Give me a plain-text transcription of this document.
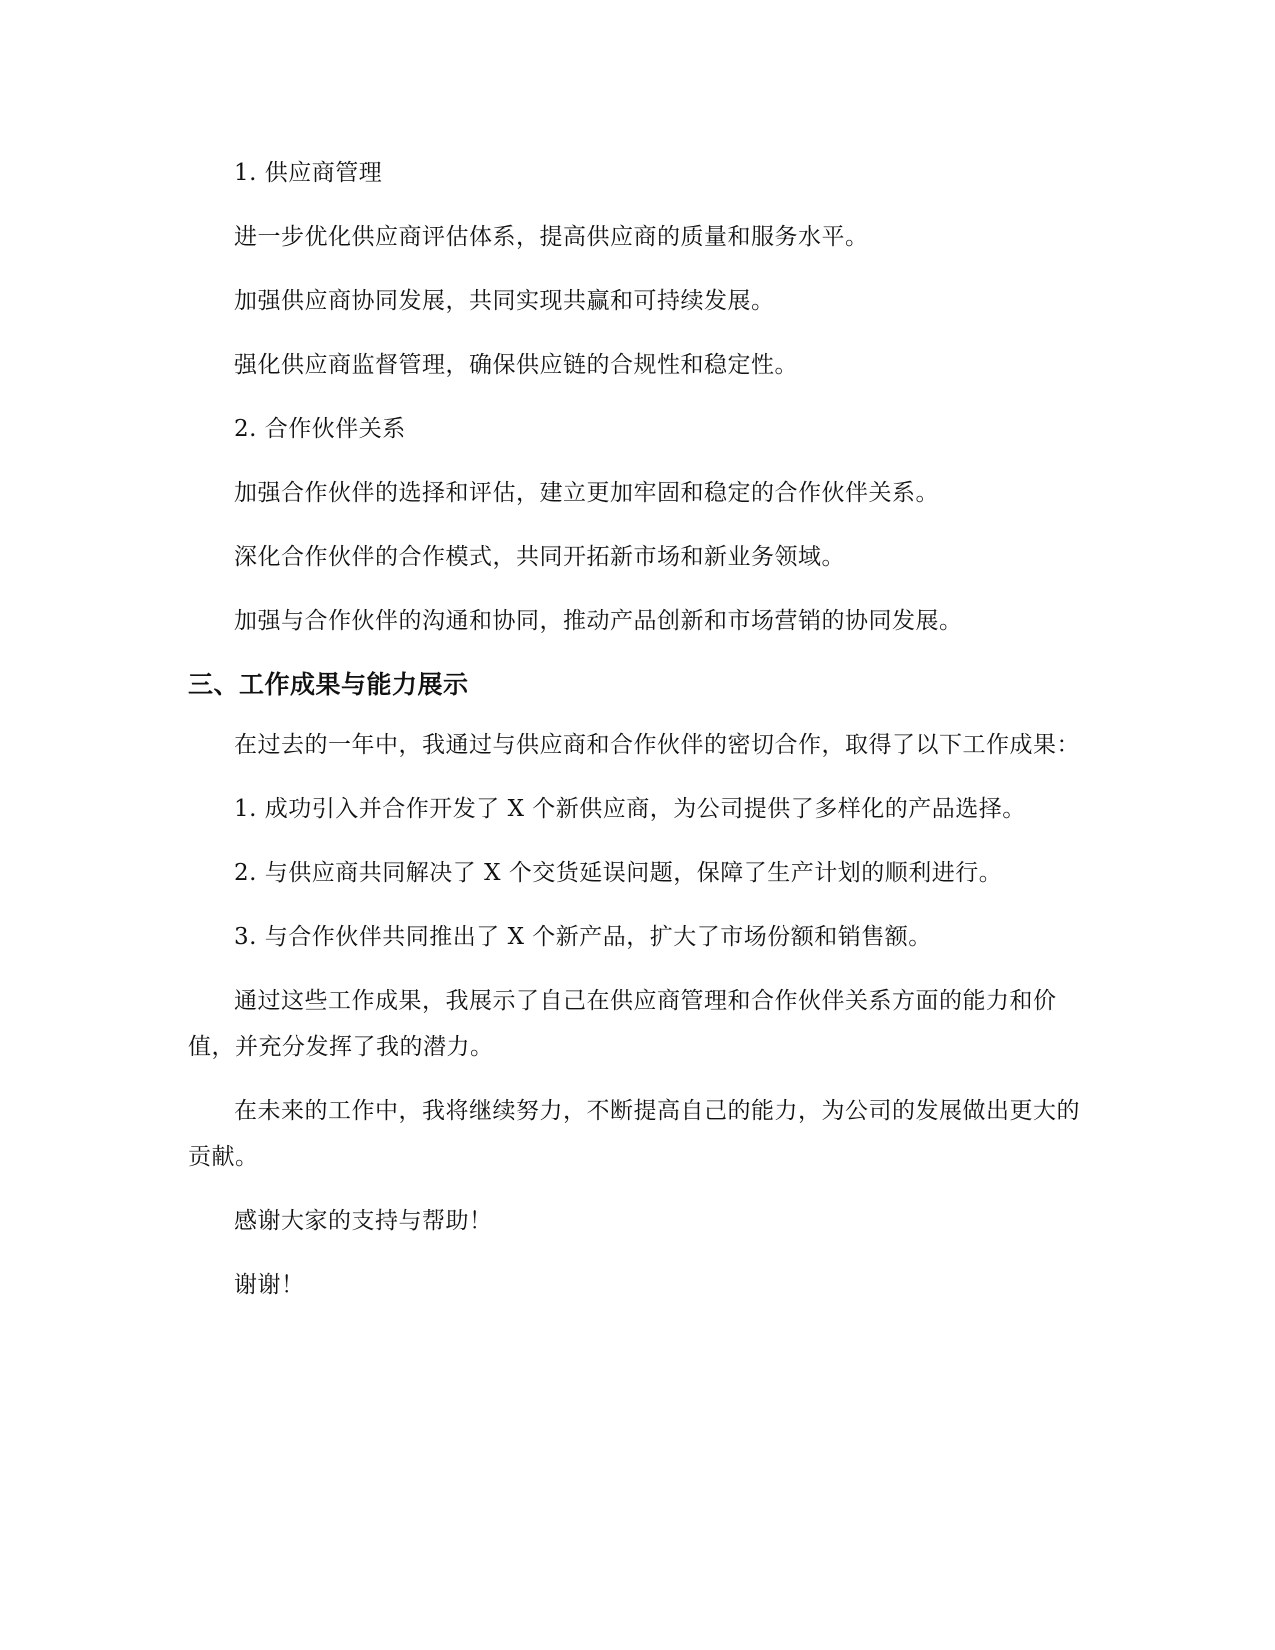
1. 供应商管理

进一步优化供应商评估体系，提高供应商的质量和服务水平。

加强供应商协同发展，共同实现共赢和可持续发展。

强化供应商监督管理，确保供应链的合规性和稳定性。

2. 合作伙伴关系

加强合作伙伴的选择和评估，建立更加牢固和稳定的合作伙伴关系。

深化合作伙伴的合作模式，共同开拓新市场和新业务领域。

加强与合作伙伴的沟通和协同，推动产品创新和市场营销的协同发展。

三、工作成果与能力展示

在过去的一年中，我通过与供应商和合作伙伴的密切合作，取得了以下工作成果：

1. 成功引入并合作开发了 X 个新供应商，为公司提供了多样化的产品选择。

2. 与供应商共同解决了 X 个交货延误问题，保障了生产计划的顺利进行。

3. 与合作伙伴共同推出了 X 个新产品，扩大了市场份额和销售额。

通过这些工作成果，我展示了自己在供应商管理和合作伙伴关系方面的能力和价值，并充分发挥了我的潜力。

在未来的工作中，我将继续努力，不断提高自己的能力，为公司的发展做出更大的贡献。

感谢大家的支持与帮助！

谢谢！
